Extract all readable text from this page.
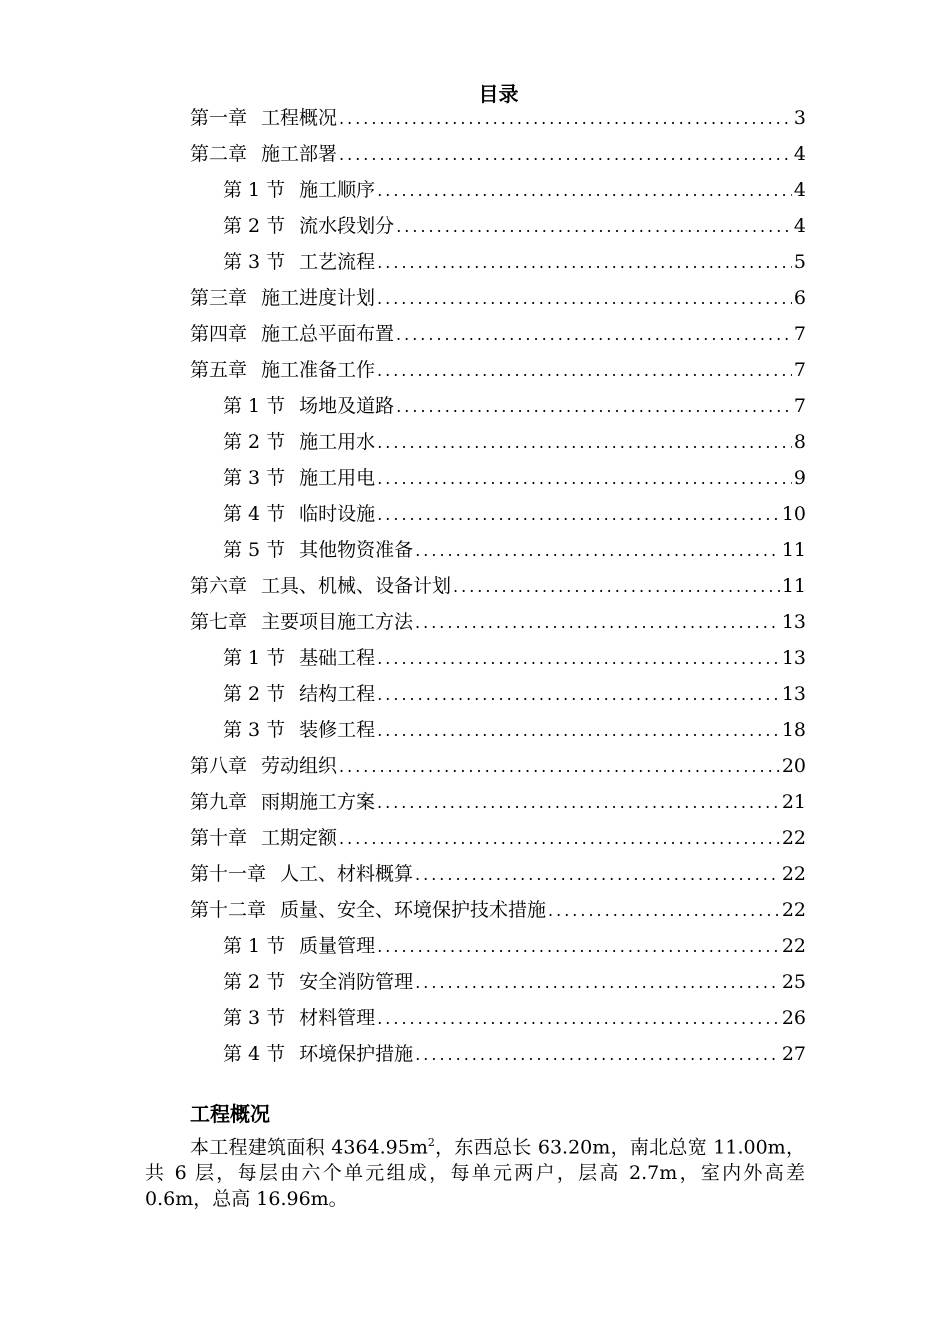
目录
第一章 工程概况 .....	3
第二章 施工部署 .....	4
第 1 节 施工顺序 .....	4
第 2 节 流水段划分 .....	4
第 3 节 工艺流程 .....	5
第三章 施工进度计划 .....	6
第四章 施工总平面布置 .....	7
第五章 施工准备工作 .....	7
第 1 节 场地及道路 .....	7
第 2 节 施工用水 .....	8
第 3 节 施工用电 .....	9
第 4 节 临时设施 .....	10
第 5 节 其他物资准备 .....	11
第六章 工具、机械、设备计划 .....	11
第七章 主要项目施工方法 .....	13
第 1 节 基础工程 .....	13
第 2 节 结构工程 .....	13
第 3 节 装修工程 .....	18
第八章 劳动组织 .....	20
第九章 雨期施工方案 .....	21
第十章 工期定额 .....	22
第十一章 人工、材料概算 .....	22
第十二章 质量、安全、环境保护技术措施 .....	22
第 1 节 质量管理 .....	22
第 2 节 安全消防管理 .....	25
第 3 节 材料管理 .....	26
第 4 节 环境保护措施 .....	27
工程概况

本工程建筑面积 $4364.95m^2$，东西总长 63.20m，南北总宽 11.00m，共 6 层，每层由六个单元组成，每单元两户，层高 2.7m，室内外高差 0.6m，总高 16.96m。
